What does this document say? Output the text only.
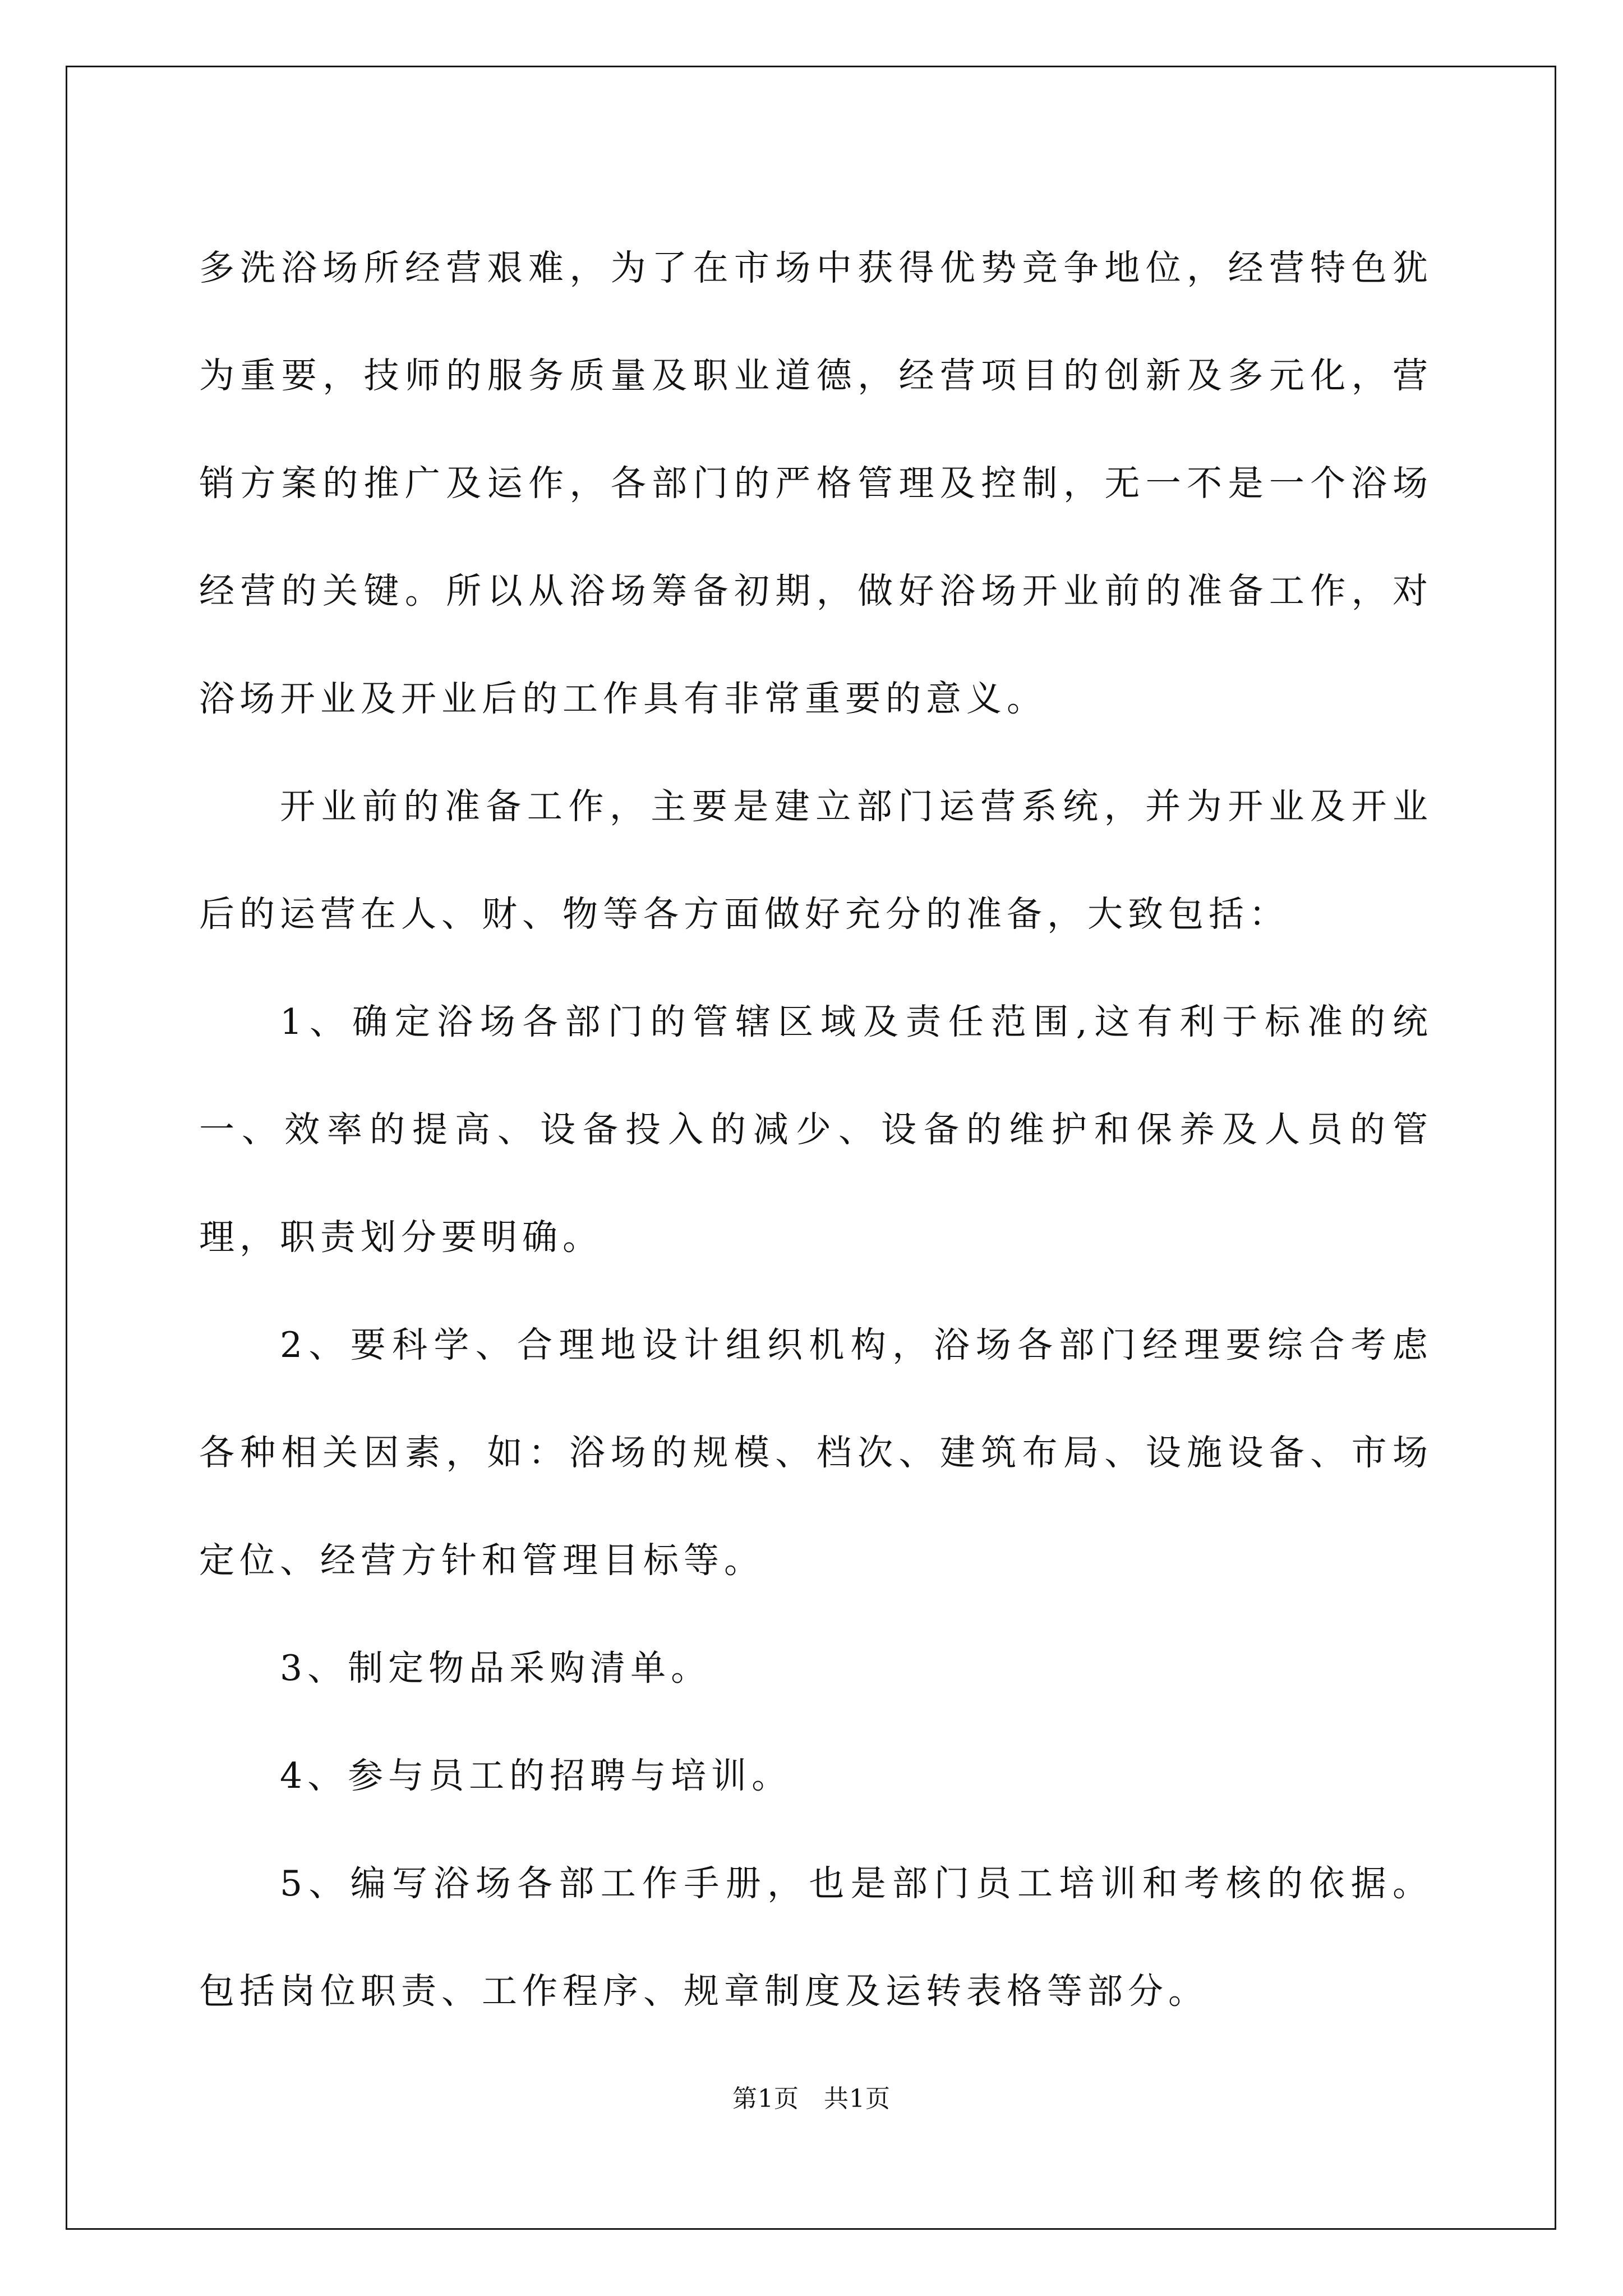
多洗浴场所经营艰难，为了在市场中获得优势竞争地位，经营特色犹为重要，技师的服务质量及职业道德，经营项目的创新及多元化，营销方案的推广及运作，各部门的严格管理及控制，无一不是一个浴场经营的关键。所以从浴场筹备初期，做好浴场开业前的准备工作，对浴场开业及开业后的工作具有非常重要的意义。

开业前的准备工作，主要是建立部门运营系统，并为开业及开业后的运营在人、财、物等各方面做好充分的准备，大致包括：

1、确定浴场各部门的管辖区域及责任范围,这有利于标准的统一、效率的提高、设备投入的减少、设备的维护和保养及人员的管理，职责划分要明确。

2、要科学、合理地设计组织机构，浴场各部门经理要综合考虑各种相关因素，如：浴场的规模、档次、建筑布局、设施设备、市场定位、经营方针和管理目标等。

3、制定物品采购清单。

4、参与员工的招聘与培训。

5、编写浴场各部工作手册，也是部门员工培训和考核的依据。包括岗位职责、工作程序、规章制度及运转表格等部分。

第1页 共1页
